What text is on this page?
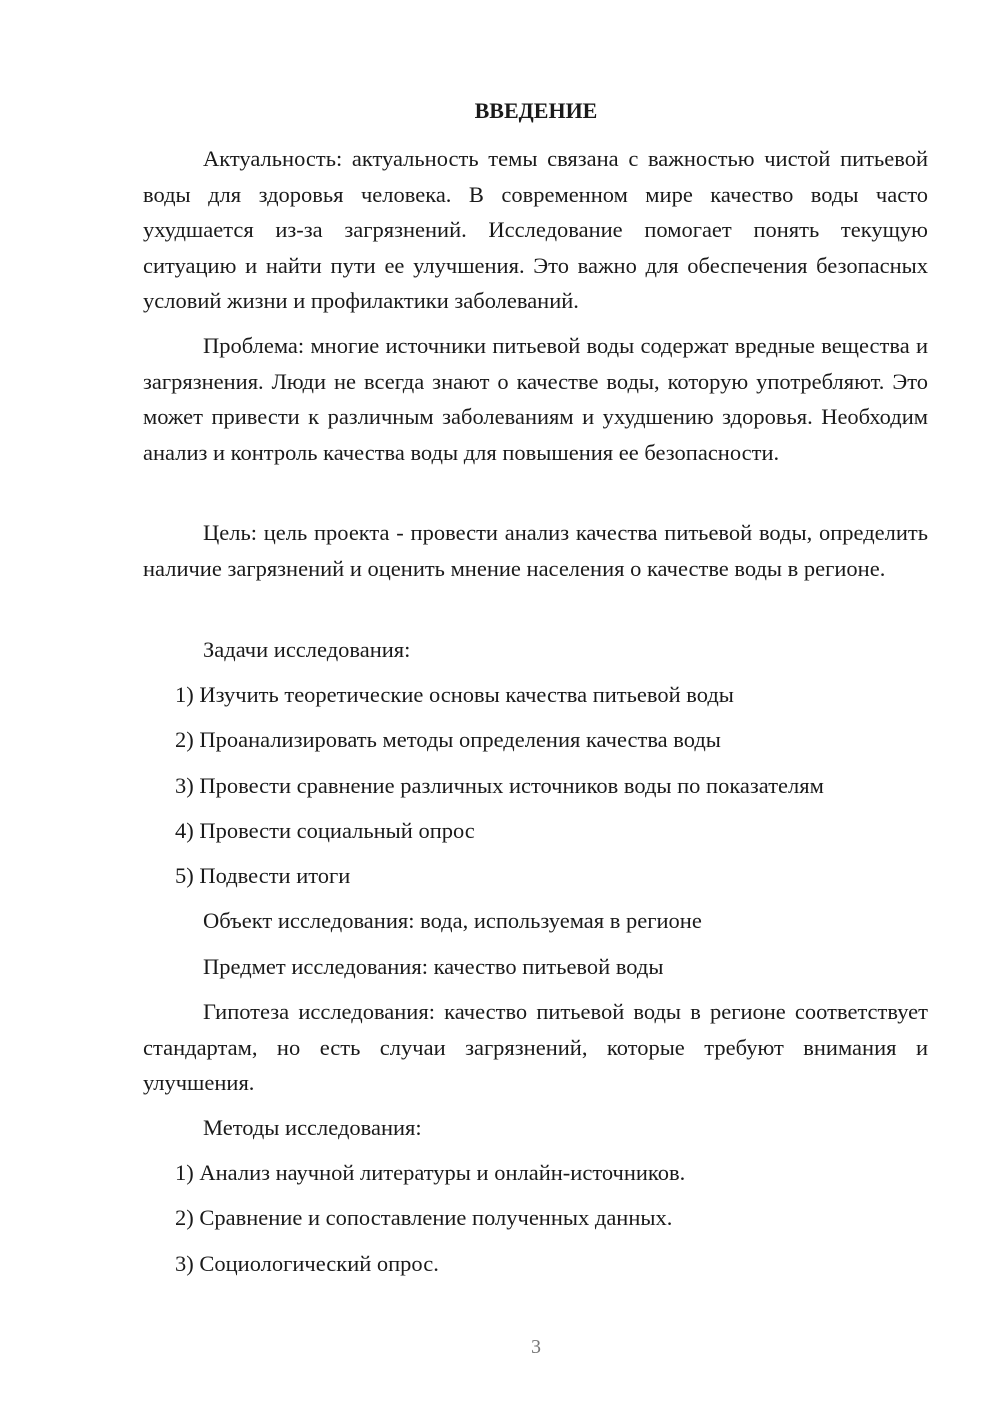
ВВЕДЕНИЕ

Актуальность: актуальность темы связана с важностью чистой питьевой воды для здоровья человека. В современном мире качество воды часто ухудшается из-за загрязнений. Исследование помогает понять текущую ситуацию и найти пути ее улучшения. Это важно для обеспечения безопасных условий жизни и профилактики заболеваний.

Проблема: многие источники питьевой воды содержат вредные вещества и загрязнения. Люди не всегда знают о качестве воды, которую употребляют. Это может привести к различным заболеваниям и ухудшению здоровья. Необходим анализ и контроль качества воды для повышения ее безопасности.

Цель: цель проекта - провести анализ качества питьевой воды, определить наличие загрязнений и оценить мнение населения о качестве воды в регионе.

Задачи исследования:

1) Изучить теоретические основы качества питьевой воды

2) Проанализировать методы определения качества воды

3) Провести сравнение различных источников воды по показателям

4) Провести социальный опрос

5) Подвести итоги

Объект исследования: вода, используемая в регионе

Предмет исследования: качество питьевой воды

Гипотеза исследования: качество питьевой воды в регионе соответствует стандартам, но есть случаи загрязнений, которые требуют внимания и улучшения.

Методы исследования:

1) Анализ научной литературы и онлайн-источников.

2) Сравнение и сопоставление полученных данных.

3) Социологический опрос.

3
